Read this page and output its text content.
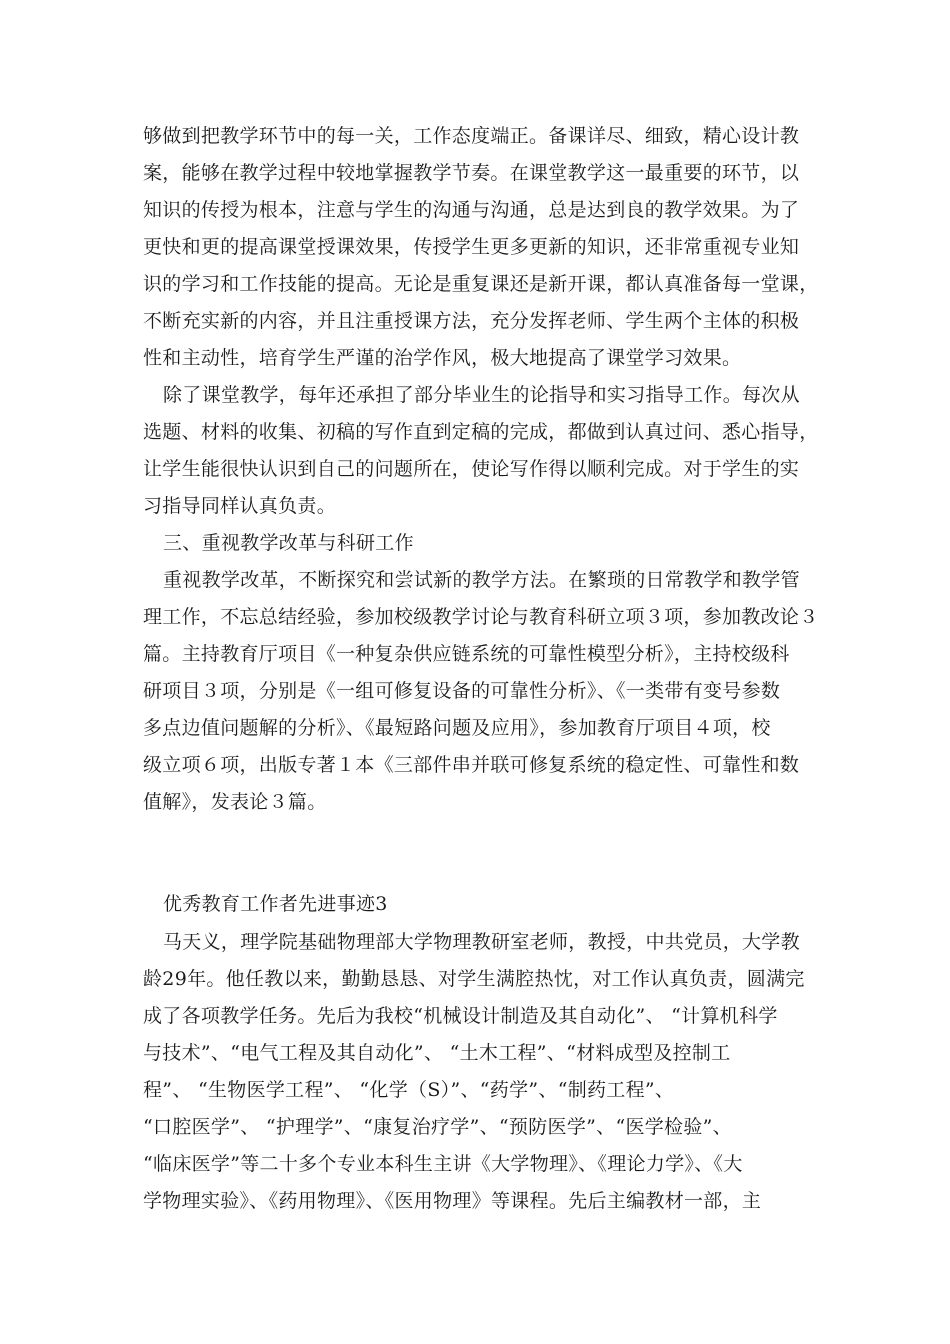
够做到把教学环节中的每一关，工作态度端正。备课详尽、细致，精心设计教
案，能够在教学过程中较地掌握教学节奏。在课堂教学这一最重要的环节，以
知识的传授为根本，注意与学生的沟通与沟通，总是达到良的教学效果。为了
更快和更的提高课堂授课效果，传授学生更多更新的知识，还非常重视专业知
识的学习和工作技能的提高。无论是重复课还是新开课，都认真准备每一堂课，
不断充实新的内容，并且注重授课方法，充分发挥老师、学生两个主体的积极
性和主动性，培育学生严谨的治学作风，极大地提高了课堂学习效果。
除了课堂教学，每年还承担了部分毕业生的论指导和实习指导工作。每次从
选题、材料的收集、初稿的写作直到定稿的完成，都做到认真过问、悉心指导，
让学生能很快认识到自己的问题所在，使论写作得以顺利完成。对于学生的实
习指导同样认真负责。
三、重视教学改革与科研工作
重视教学改革，不断探究和尝试新的教学方法。在繁琐的日常教学和教学管
理工作，不忘总结经验，参加校级教学讨论与教育科研立项３项，参加教改论３
篇。主持教育厅项目《一种复杂供应链系统的可靠性模型分析》，主持校级科
研项目３项，分别是《一组可修复设备的可靠性分析》、《一类带有变号参数
多点边值问题解的分析》、《最短路问题及应用》，参加教育厅项目４项，校
级立项６项，出版专著１本《三部件串并联可修复系统的稳定性、可靠性和数
值解》，发表论３篇。
优秀教育工作者先进事迹3
马天义，理学院基础物理部大学物理教研室老师，教授，中共党员，大学教
龄29年。他任教以来，勤勤恳恳、对学生满腔热忱，对工作认真负责，圆满完
成了各项教学任务。先后为我校“机械设计制造及其自动化”、 “计算机科学
与技术”、“电气工程及其自动化”、 “土木工程”、“材料成型及控制工
程”、 “生物医学工程”、 “化学（S）”、“药学”、“制药工程”、
“口腔医学”、 “护理学”、“康复治疗学”、“预防医学”、“医学检验”、
“临床医学”等二十多个专业本科生主讲《大学物理》、《理论力学》、《大
学物理实验》、《药用物理》、《医用物理》等课程。先后主编教材一部，主
